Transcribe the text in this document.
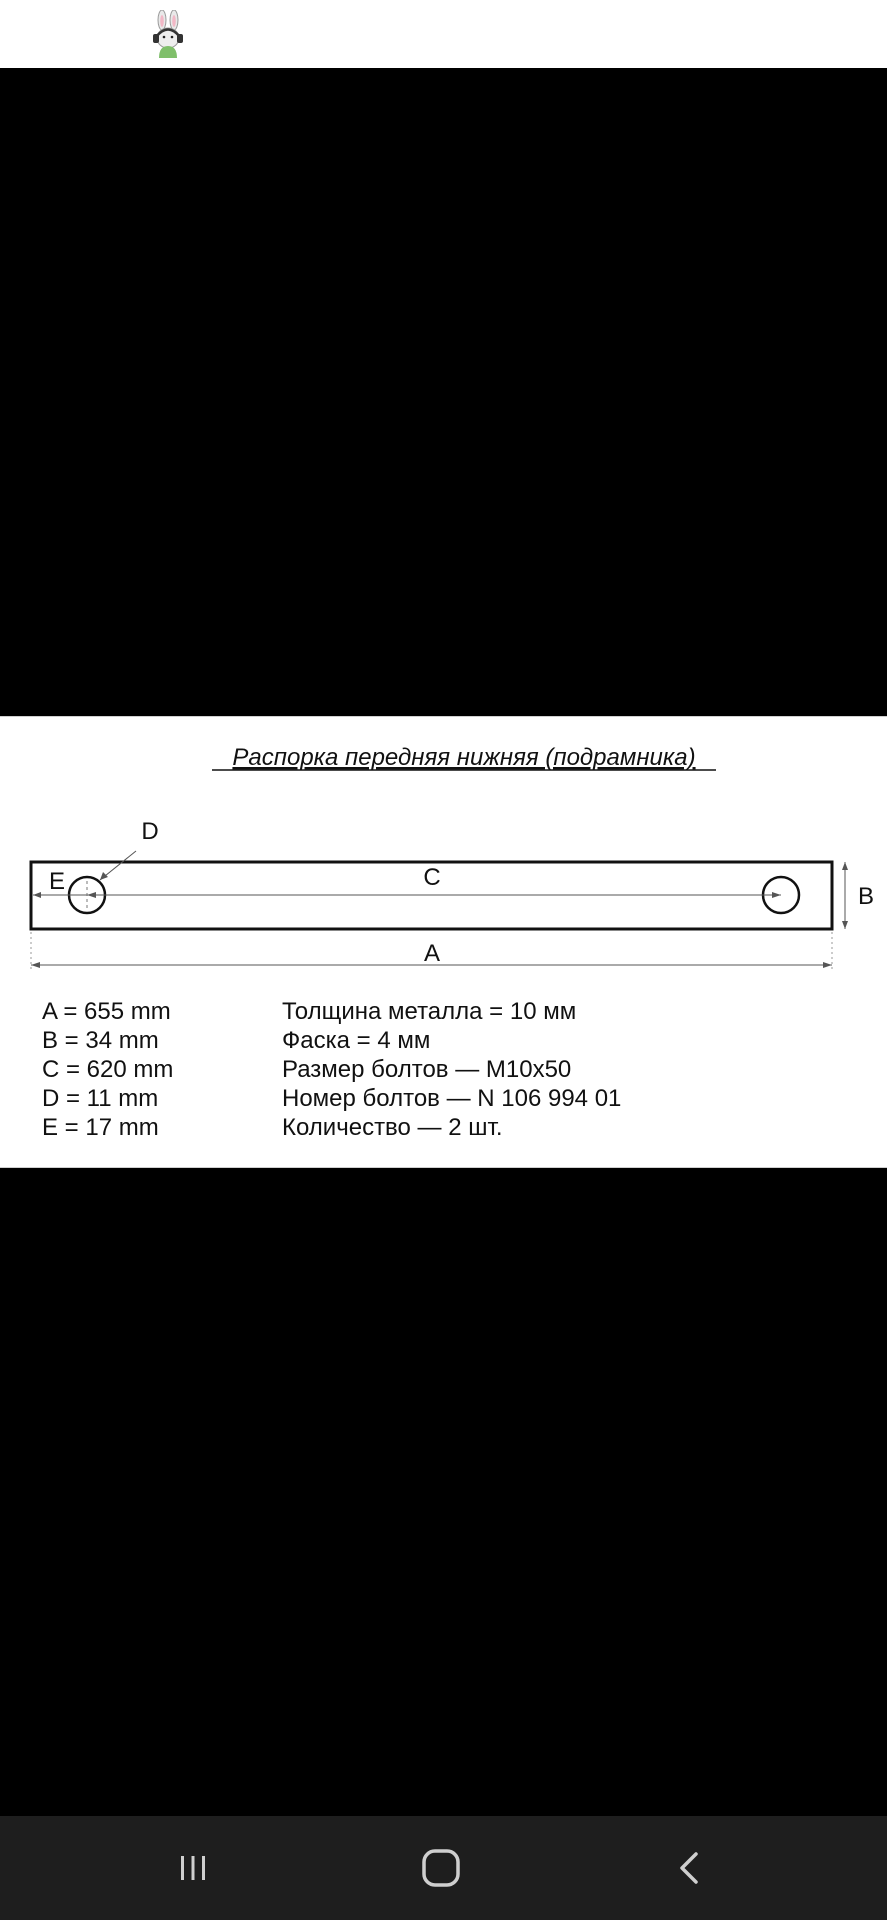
Распорка передняя нижняя (подрамника)
C
E
D
B
A
A = 655 mm
B = 34 mm
C = 620 mm
D = 11 mm
E = 17 mm
Толщина металла = 10 мм
Фаска = 4 мм
Размер болтов — M10x50
Номер болтов — N 106 994 01
Количество — 2 шт.
